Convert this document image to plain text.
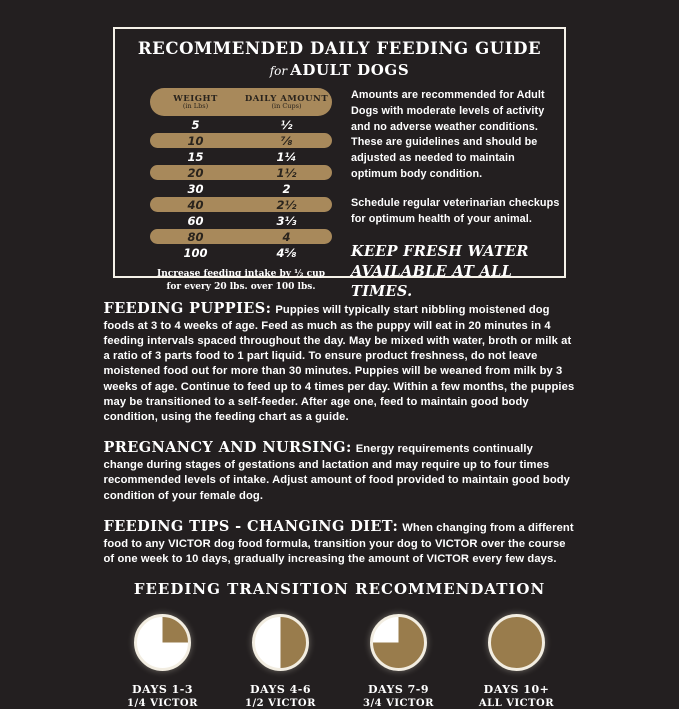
RECOMMENDED DAILY FEEDING GUIDE
for ADULT DOGS
WEIGHT
(in Lbs)
DAILY AMOUNT
(in Cups)
5	½
10	⅞
15	1¼
20	1½
30	2
40	2½
60	3⅓
80	4
100	4⅝
Increase feeding intake by ½ cup for every 20 lbs. over 100 lbs.

Amounts are recommended for Adult Dogs with moderate levels of activity and no adverse weather conditions. These are guidelines and should be adjusted as needed to maintain optimum body condition.

Schedule regular veterinarian checkups for optimum health of your animal.

KEEP FRESH WATER AVAILABLE AT ALL TIMES.

FEEDING PUPPIES: Puppies will typically start nibbling moistened dog foods at 3 to 4 weeks of age. Feed as much as the puppy will eat in 20 minutes in 4 feeding intervals spaced throughout the day. May be mixed with water, broth or milk at a ratio of 3 parts food to 1 part liquid. To ensure product freshness, do not leave moistened food out for more than 30 minutes. Puppies will be weaned from milk by 3 weeks of age. Continue to feed up to 4 times per day. Within a few months, the puppies may be transitioned to a self-feeder. After age one, feed to maintain good body condition, using the feeding chart as a guide.

PREGNANCY AND NURSING: Energy requirements continually change during stages of gestations and lactation and may require up to four times recommended levels of intake. Adjust amount of food provided to maintain good body condition of your female dog.

FEEDING TIPS - CHANGING DIET: When changing from a different food to any VICTOR dog food formula, transition your dog to VICTOR over the course of one week to 10 days, gradually increasing the amount of VICTOR every few days.

FEEDING TRANSITION RECOMMENDATION

DAYS 1-3
1/4 VICTOR
DAYS 4-6
1/2 VICTOR
DAYS 7-9
3/4 VICTOR
DAYS 10+
ALL VICTOR
